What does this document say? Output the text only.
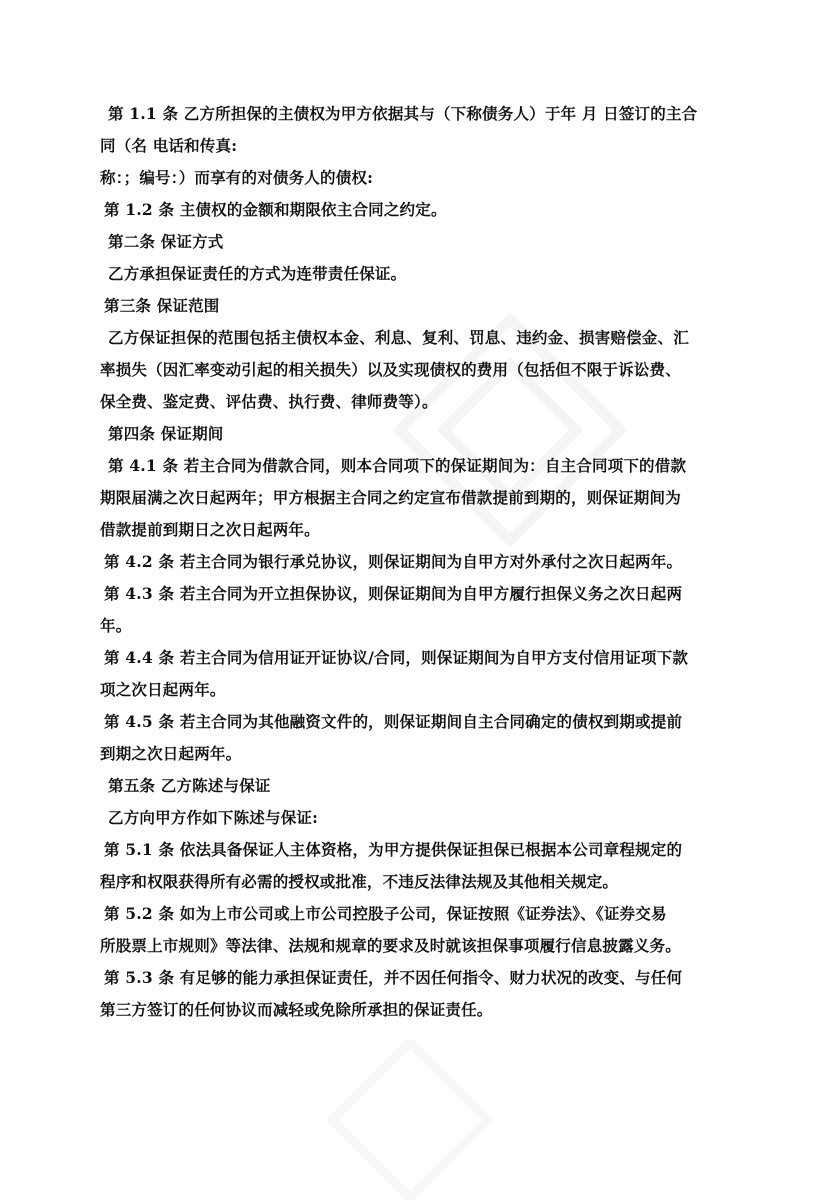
第 1.1 条 乙方所担保的主债权为甲方依据其与（下称债务人）于年 月 日签订的主合
同（名 电话和传真:
称：；编号：）而享有的对债务人的债权:
第 1.2 条 主债权的金额和期限依主合同之约定。
第二条 保证方式
乙方承担保证责任的方式为连带责任保证。
第三条 保证范围
乙方保证担保的范围包括主债权本金、利息、复利、罚息、违约金、损害赔偿金、汇
率损失（因汇率变动引起的相关损失）以及实现债权的费用（包括但不限于诉讼费、
保全费、鉴定费、评估费、执行费、律师费等）。
第四条 保证期间
第 4.1 条 若主合同为借款合同，则本合同项下的保证期间为：自主合同项下的借款
期限届满之次日起两年；甲方根据主合同之约定宣布借款提前到期的，则保证期间为
借款提前到期日之次日起两年。
第 4.2 条 若主合同为银行承兑协议，则保证期间为自甲方对外承付之次日起两年。
第 4.3 条 若主合同为开立担保协议，则保证期间为自甲方履行担保义务之次日起两
年。
第 4.4 条 若主合同为信用证开证协议/合同，则保证期间为自甲方支付信用证项下款
项之次日起两年。
第 4.5 条 若主合同为其他融资文件的，则保证期间自主合同确定的债权到期或提前
到期之次日起两年。
第五条 乙方陈述与保证
乙方向甲方作如下陈述与保证:
第 5.1 条 依法具备保证人主体资格，为甲方提供保证担保已根据本公司章程规定的
程序和权限获得所有必需的授权或批准，不违反法律法规及其他相关规定。
第 5.2 条 如为上市公司或上市公司控股子公司，保证按照《证券法》、《证券交易
所股票上市规则》等法律、法规和规章的要求及时就该担保事项履行信息披露义务。
第 5.3 条 有足够的能力承担保证责任，并不因任何指令、财力状况的改变、与任何
第三方签订的任何协议而减轻或免除所承担的保证责任。
